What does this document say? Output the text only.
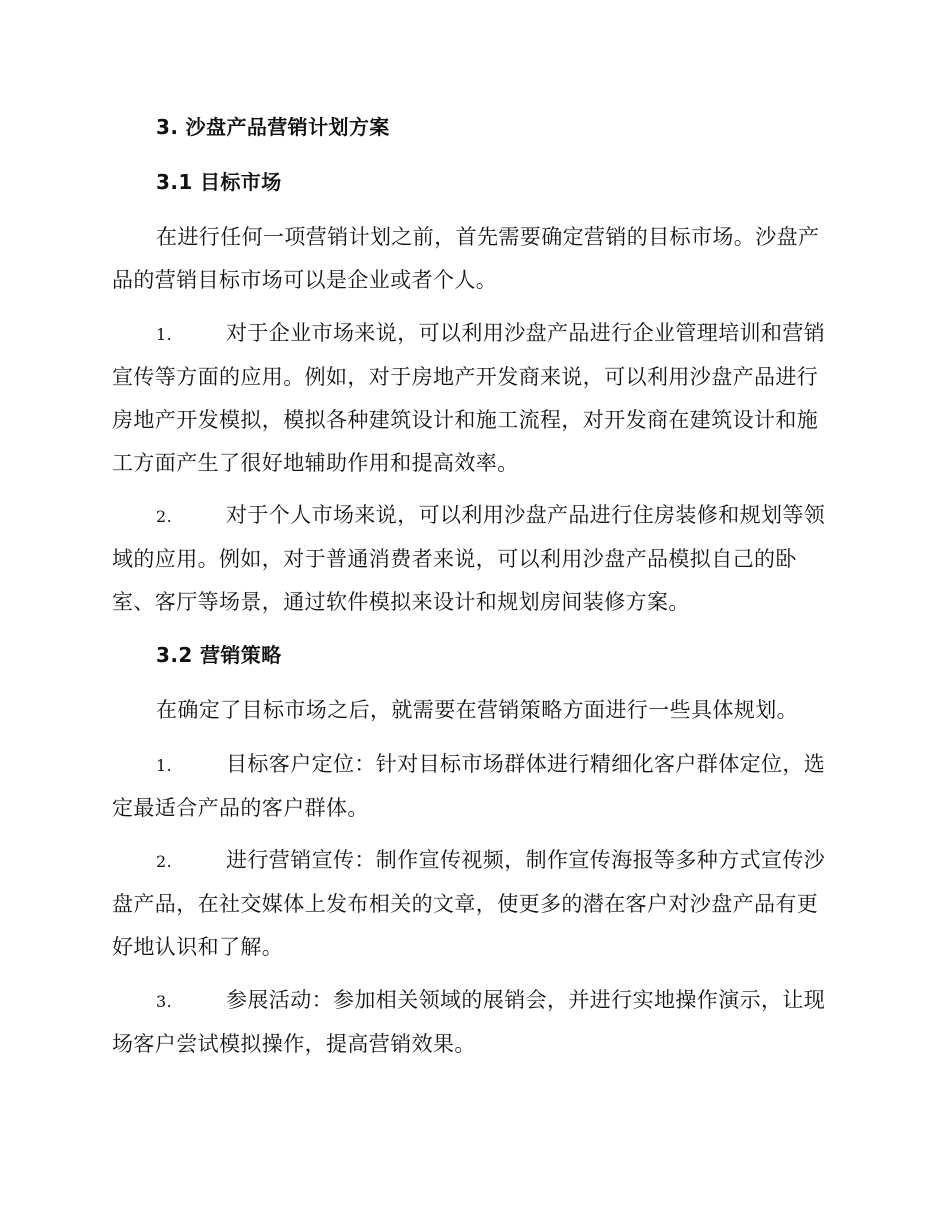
3. 沙盘产品营销计划方案
3.1 目标市场
在进行任何一项营销计划之前，首先需要确定营销的目标市场。沙盘产品的营销目标市场可以是企业或者个人。
1.	对于企业市场来说，可以利用沙盘产品进行企业管理培训和营销宣传等方面的应用。例如，对于房地产开发商来说，可以利用沙盘产品进行房地产开发模拟，模拟各种建筑设计和施工流程，对开发商在建筑设计和施工方面产生了很好地辅助作用和提高效率。
2.	对于个人市场来说，可以利用沙盘产品进行住房装修和规划等领域的应用。例如，对于普通消费者来说，可以利用沙盘产品模拟自己的卧室、客厅等场景，通过软件模拟来设计和规划房间装修方案。
3.2 营销策略
在确定了目标市场之后，就需要在营销策略方面进行一些具体规划。
1.	目标客户定位：针对目标市场群体进行精细化客户群体定位，选定最适合产品的客户群体。
2.	进行营销宣传：制作宣传视频，制作宣传海报等多种方式宣传沙盘产品，在社交媒体上发布相关的文章，使更多的潜在客户对沙盘产品有更好地认识和了解。
3.	参展活动：参加相关领域的展销会，并进行实地操作演示，让现场客户尝试模拟操作，提高营销效果。
